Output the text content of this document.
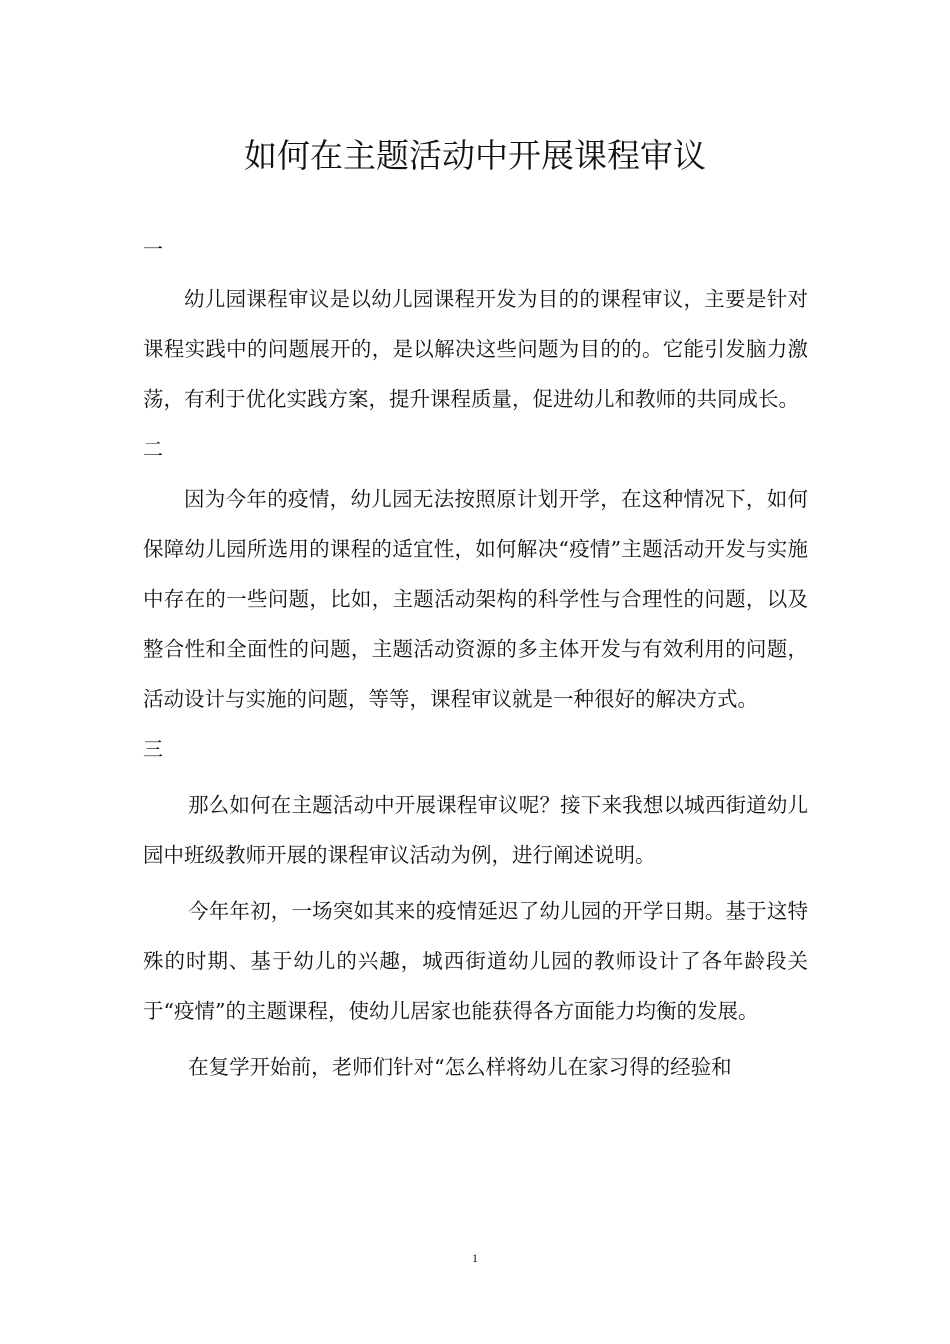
如何在主题活动中开展课程审议

一

幼儿园课程审议是以幼儿园课程开发为目的的课程审议，主要是针对课程实践中的问题展开的，是以解决这些问题为目的的。它能引发脑力激荡，有利于优化实践方案，提升课程质量，促进幼儿和教师的共同成长。

二

因为今年的疫情，幼儿园无法按照原计划开学，在这种情况下，如何保障幼儿园所选用的课程的适宜性，如何解决“疫情”主题活动开发与实施中存在的一些问题，比如，主题活动架构的科学性与合理性的问题，以及整合性和全面性的问题，主题活动资源的多主体开发与有效利用的问题，活动设计与实施的问题，等等，课程审议就是一种很好的解决方式。

三

那么如何在主题活动中开展课程审议呢？接下来我想以城西街道幼儿园中班级教师开展的课程审议活动为例，进行阐述说明。

今年年初，一场突如其来的疫情延迟了幼儿园的开学日期。基于这特殊的时期、基于幼儿的兴趣，城西街道幼儿园的教师设计了各年龄段关于“疫情”的主题课程，使幼儿居家也能获得各方面能力均衡的发展。

在复学开始前，老师们针对“怎么样将幼儿在家习得的经验和

1
